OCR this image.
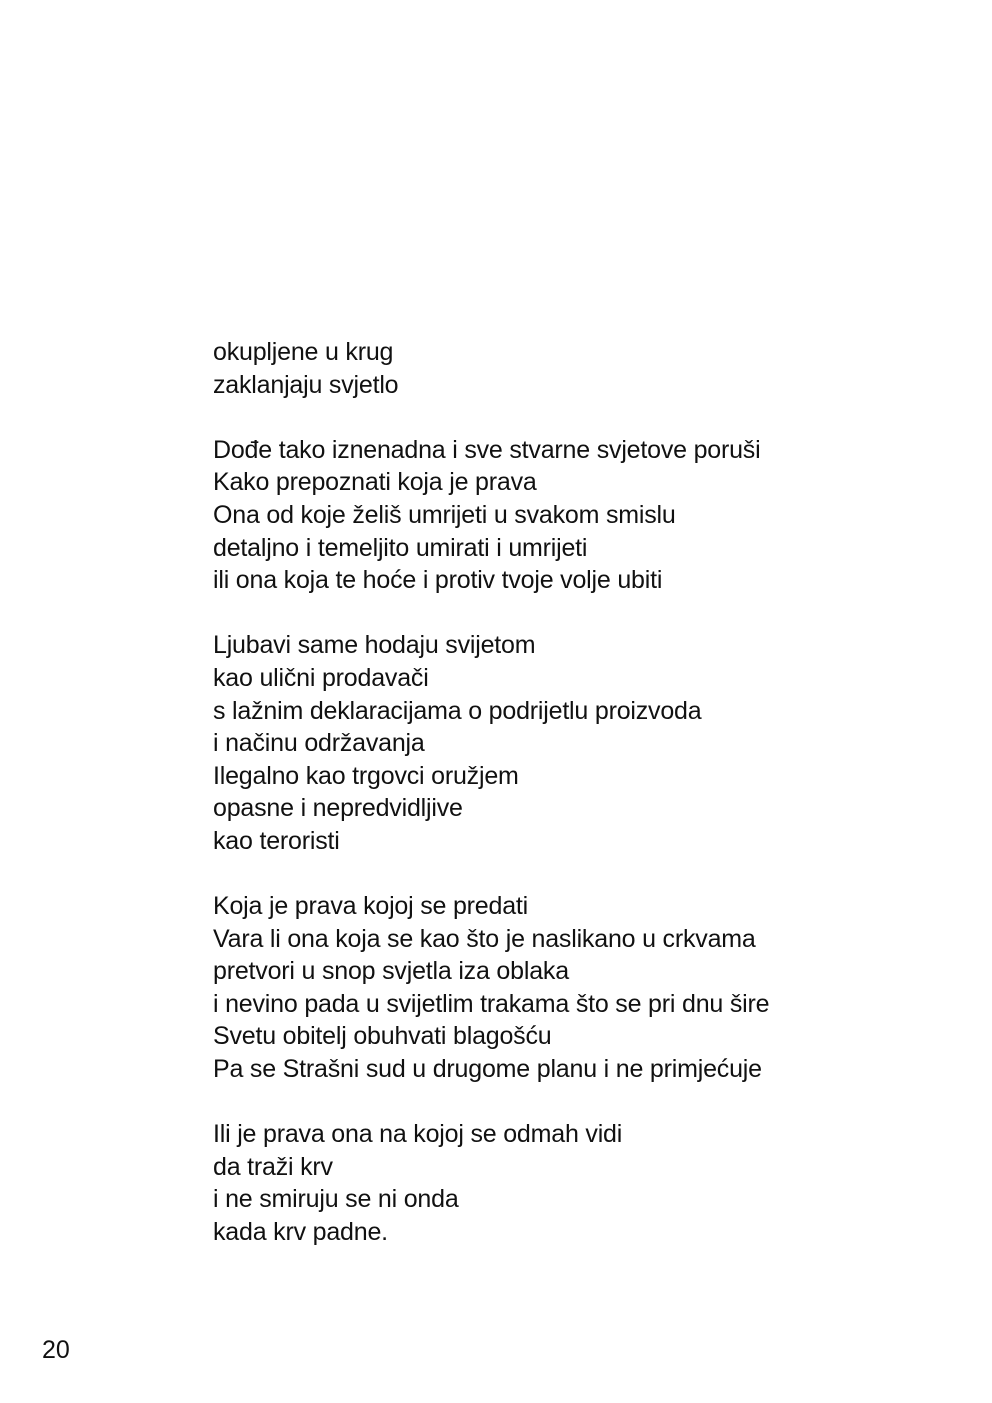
okupljene u krug
zaklanjaju svjetlo
Dođe tako iznenadna i sve stvarne svjetove poruši
Kako prepoznati koja je prava
Ona od koje želiš umrijeti u svakom smislu
detaljno i temeljito umirati i umrijeti
ili ona koja te hoće i protiv tvoje volje ubiti
Ljubavi same hodaju svijetom
kao ulični prodavači
s lažnim deklaracijama o podrijetlu proizvoda
i načinu održavanja
Ilegalno kao trgovci oružjem
opasne i nepredvidljive
kao teroristi
Koja je prava kojoj se predati
Vara li ona koja se kao što je naslikano u crkvama
pretvori u snop svjetla iza oblaka
i nevino pada u svijetlim trakama što se pri dnu šire
Svetu obitelj obuhvati blagošću
Pa se Strašni sud u drugome planu i ne primjećuje
Ili je prava ona na kojoj se odmah vidi
da traži krv
i ne smiruju se ni onda
kada krv padne.
20
